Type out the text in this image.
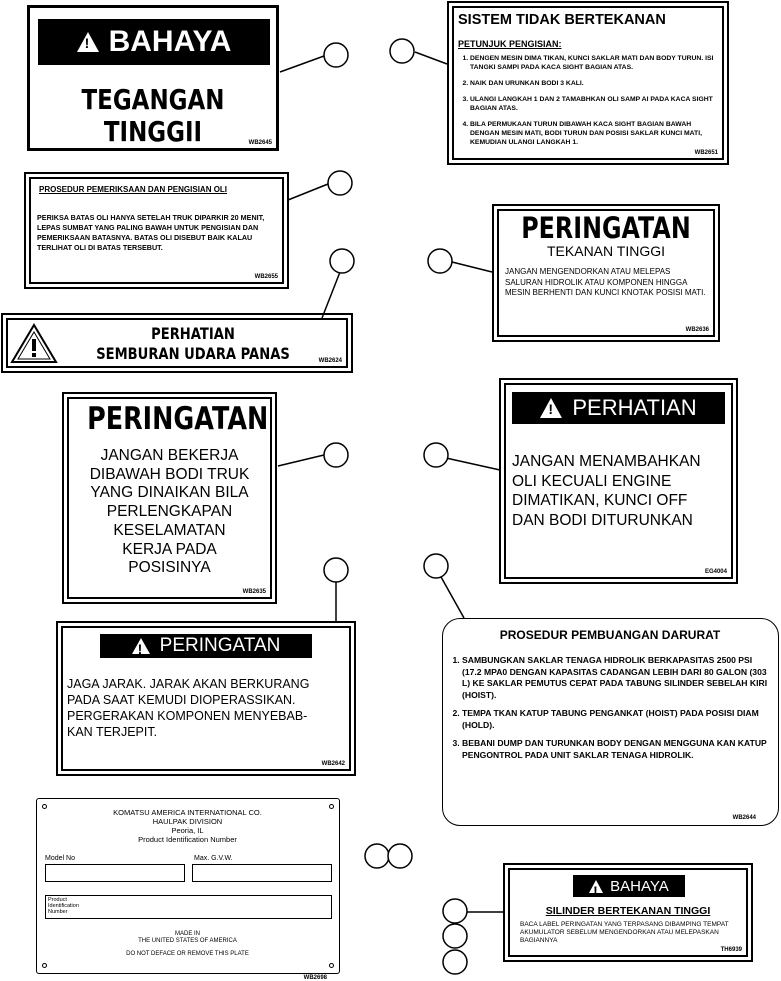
!
BAHAYA
TEGANGAN
TINGGII	WB2645
SISTEM TIDAK BERTEKANAN
PETUNJUK PENGISIAN:
1. DENGEN MESIN DIMA TIKAN, KUNCI SAKLAR MATI DAN BODY TURUN. ISI TANGKI SAMPI PADA KACA SIGHT BAGIAN ATAS.
2. NAIK DAN URUNKAN BODI 3 KALI.
3. ULANGI LANGKAH 1 DAN 2 TAMABHKAN OLI SAMP AI PADA KACA SIGHT BAGIAN ATAS.
4. BILA PERMUKAAN TURUN DIBAWAH KACA SIGHT BAGIAN BAWAH DENGAN MESIN MATI, BODI TURUN DAN POSISI SAKLAR KUNCI MATI, KEMUDIAN ULANGI LANGKAH 1.
WB2651
PROSEDUR PEMERIKSAAN DAN PENGISIAN OLI
PERIKSA BATAS OLI HANYA SETELAH TRUK DIPARKIR 20 MENIT, LEPAS SUMBAT YANG PALING BAWAH UNTUK PENGISIAN DAN PEMERIKSAAN BATASNYA. BATAS OLI DISEBUT BAIK KALAU TERLIHAT OLI DI BATAS TERSEBUT.
WB2655
PERINGATAN
TEKANAN TINGGI
JANGAN MENGENDORKAN ATAU MELEPAS SALURAN HIDROLIK ATAU KOMPONEN HINGGA MESIN BERHENTI DAN KUNCI KNOTAK POSISI MATI.
WB2636
PERHATIAN
SEMBURAN UDARA PANAS	WB2624
PERINGATAN
JANGAN BEKERJA
DIBAWAH BODI TRUK
YANG DINAIKAN BILA
PERLENGKAPAN
KESELAMATAN
KERJA PADA
POSISINYA
WB2635
!
PERHATIAN
JANGAN MENAMBAHKAN
OLI KECUALI ENGINE
DIMATIKAN, KUNCI OFF
DAN BODI DITURUNKAN
EG4004
!
PERINGATAN
JAGA JARAK. JARAK AKAN BERKURANG
PADA SAAT KEMUDI DIOPERASSIKAN.
PERGERAKAN KOMPONEN MENYEBAB-
KAN TERJEPIT.
WB2642
PROSEDUR PEMBUANGAN DARURAT
1. SAMBUNGKAN SAKLAR TENAGA HIDROLIK BERKAPASITAS 2500 PSI (17.2 MPA0 DENGAN KAPASITAS CADANGAN LEBIH DARI 80 GALON (303 L) KE SAKLAR PEMUTUS CEPAT PADA TABUNG SILINDER SEBELAH KIRI (HOIST).
2. TEMPA TKAN KATUP TABUNG PENGANKAT (HOIST) PADA POSISI DIAM (HOLD).
3. BEBANI DUMP DAN TURUNKAN BODY DENGAN MENGGUNA KAN KATUP PENGONTROL PADA UNIT SAKLAR TENAGA HIDROLIK.
WB2644
KOMATSU AMERICA INTERNATIONAL CO.
HAULPAK DIVISION
Peoria, IL
Product Identification Number
Model No	Max. G.V.W.
Product
Identification
Number
MADE IN
THE UNITED STATES OF AMERICA
DO NOT DEFACE OR REMOVE THIS PLATE
WB2698
!
BAHAYA
SILINDER BERTEKANAN TINGGI
BACA LABEL PERINGATAN YANG TERPASANG DIBAMPING TEMPAT AKUMULATOR SEBELUM MENGENDORKAN ATAU MELEPASKAN BAGIANNYA
TH6939
